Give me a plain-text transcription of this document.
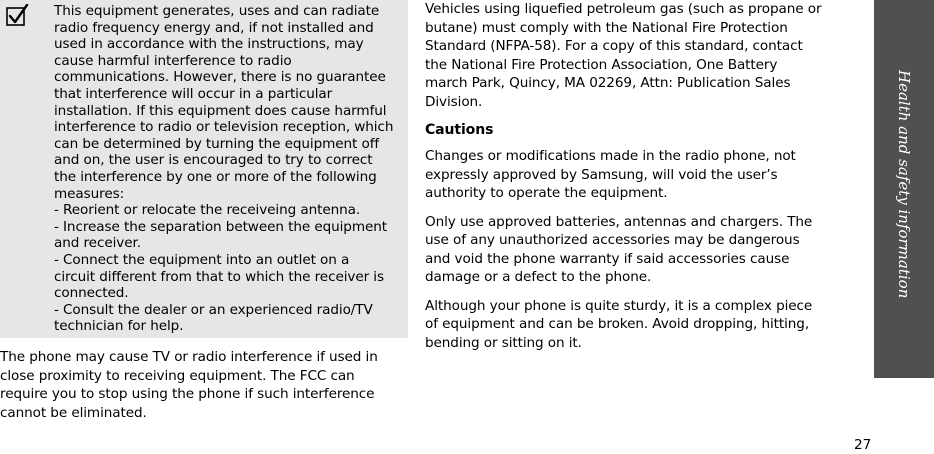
This equipment generates, uses and can radiate
radio frequency energy and, if not installed and
used in accordance with the instructions, may
cause harmful interference to radio
communications. However, there is no guarantee
that interference will occur in a particular
installation. If this equipment does cause harmful
interference to radio or television reception, which
can be determined by turning the equipment off
and on, the user is encouraged to try to correct
the interference by one or more of the following
measures:
- Reorient or relocate the receiveing antenna.
- Increase the separation between the equipment
and receiver.
- Connect the equipment into an outlet on a
circuit different from that to which the receiver is
connected.
- Consult the dealer or an experienced radio/TV
technician for help.
The phone may cause TV or radio interference if used in
close proximity to receiving equipment. The FCC can
require you to stop using the phone if such interference
cannot be eliminated.

Vehicles using liquefied petroleum gas (such as propane or
butane) must comply with the National Fire Protection
Standard (NFPA-58). For a copy of this standard, contact
the National Fire Protection Association, One Battery
march Park, Quincy, MA 02269, Attn: Publication Sales
Division.

Cautions

Changes or modifications made in the radio phone, not
expressly approved by Samsung, will void the user’s
authority to operate the equipment.

Only use approved batteries, antennas and chargers. The
use of any unauthorized accessories may be dangerous
and void the phone warranty if said accessories cause
damage or a defect to the phone.

Although your phone is quite sturdy, it is a complex piece
of equipment and can be broken. Avoid dropping, hitting,
bending or sitting on it.

Health and safety information
27
